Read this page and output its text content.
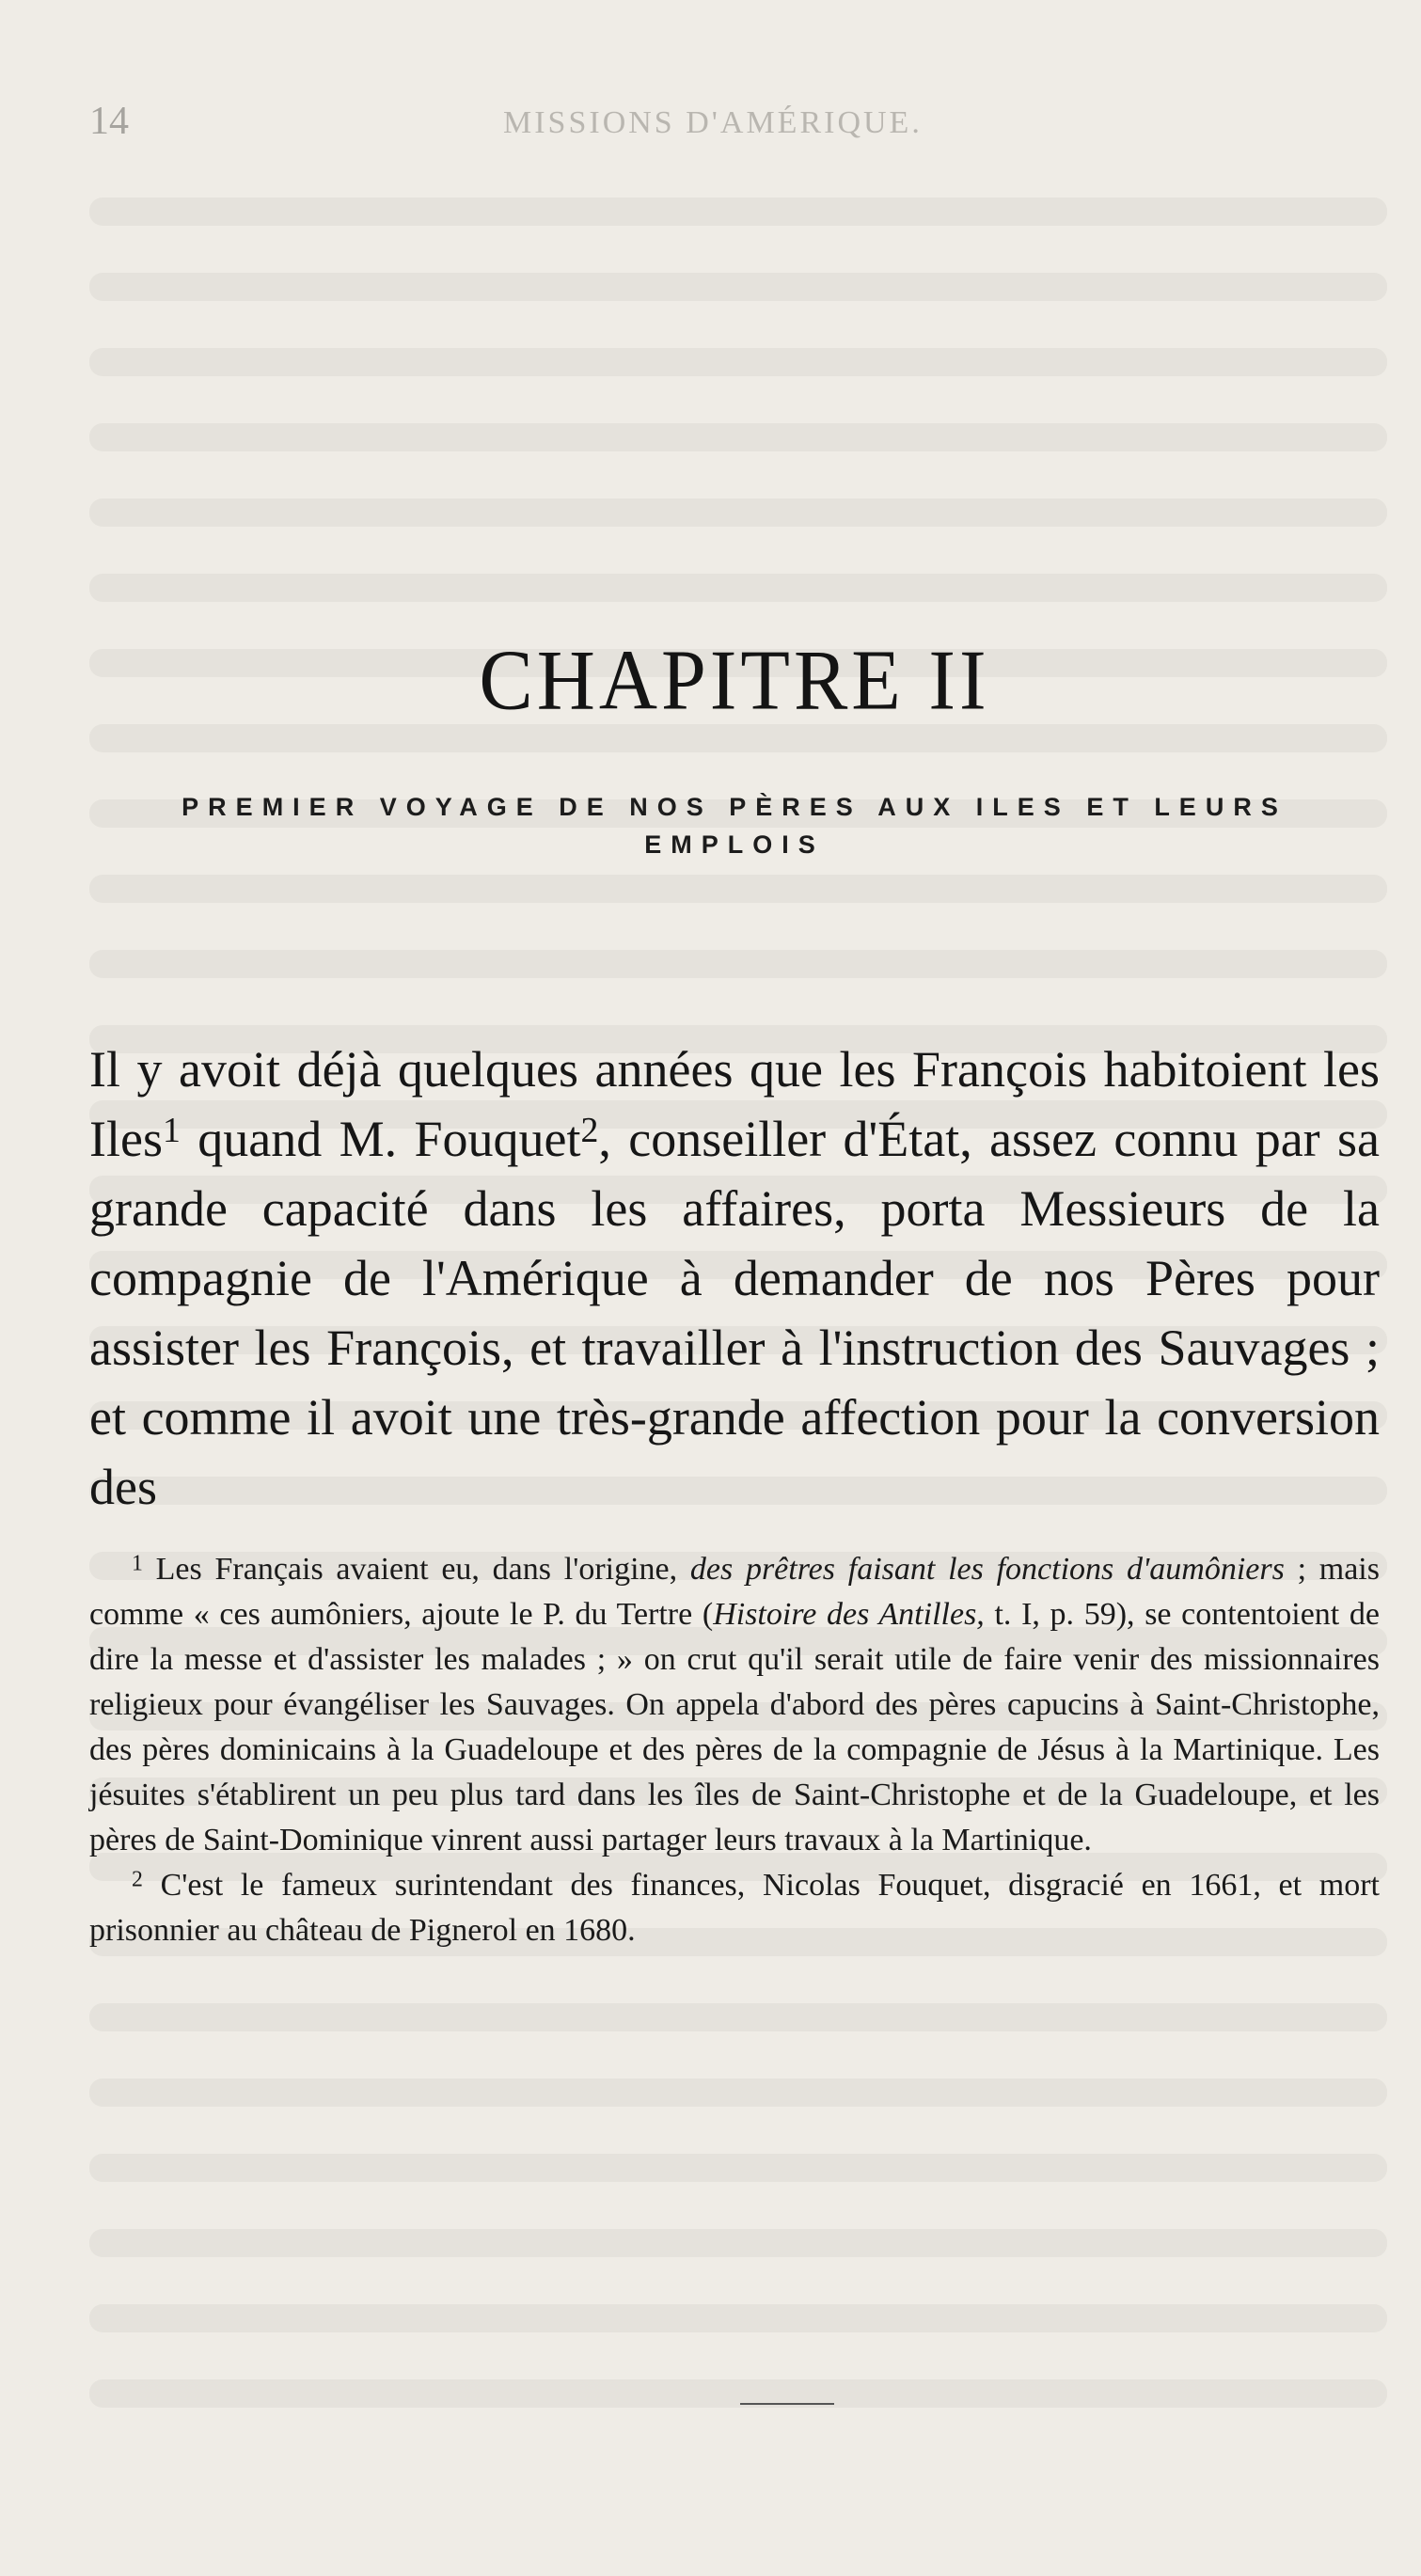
14	MISSIONS D'AMÉRIQUE.
CHAPITRE II
PREMIER VOYAGE DE NOS PÈRES AUX ILES ET LEURS EMPLOIS

Il y avoit déjà quelques années que les François habitoient les Iles$^1$ quand M. Fouquet$^2$, conseiller d'État, assez connu par sa grande capacité dans les affaires, porta Messieurs de la compagnie de l'Amérique à demander de nos Pères pour assister les François, et travailler à l'instruction des Sauvages ; et comme il avoit une très-grande affection pour la conversion des

$^1$ Les Français avaient eu, dans l'origine, des prêtres faisant les fonctions d'aumôniers ; mais comme « ces aumôniers, ajoute le P. du Tertre (Histoire des Antilles, t. I, p. 59), se contentoient de dire la messe et d'assister les malades ; » on crut qu'il serait utile de faire venir des missionnaires religieux pour évangéliser les Sauvages. On appela d'abord des pères capucins à Saint-Christophe, des pères dominicains à la Guadeloupe et des pères de la compagnie de Jésus à la Martinique. Les jésuites s'établirent un peu plus tard dans les îles de Saint-Christophe et de la Guadeloupe, et les pères de Saint-Dominique vinrent aussi partager leurs travaux à la Martinique.

$^2$ C'est le fameux surintendant des finances, Nicolas Fouquet, disgracié en 1661, et mort prisonnier au château de Pignerol en 1680.
